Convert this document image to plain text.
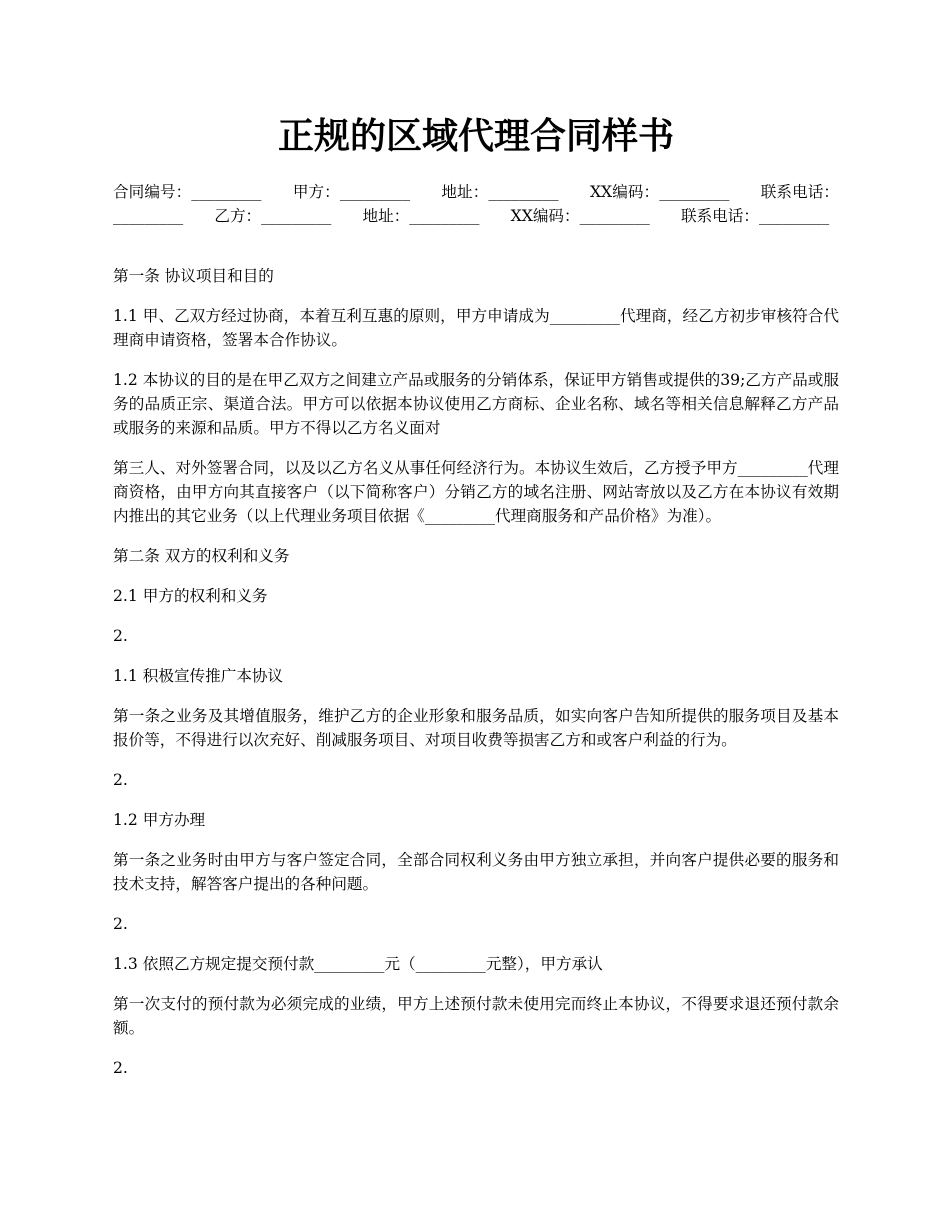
正规的区域代理合同样书
合同编号：_________　　甲方：_________　　地址：_________　　XX编码：_________　　联系电话：_________　　乙方：_________　　地址：_________　　XX编码：_________　　联系电话：_________

第一条 协议项目和目的

1.1 甲、乙双方经过协商，本着互利互惠的原则，甲方申请成为_________代理商，经乙方初步审核符合代理商申请资格，签署本合作协议。

1.2 本协议的目的是在甲乙双方之间建立产品或服务的分销体系，保证甲方销售或提供的39;乙方产品或服务的品质正宗、渠道合法。甲方可以依据本协议使用乙方商标、企业名称、域名等相关信息解释乙方产品或服务的来源和品质。甲方不得以乙方名义面对

第三人、对外签署合同，以及以乙方名义从事任何经济行为。本协议生效后，乙方授予甲方_________代理商资格，由甲方向其直接客户（以下简称客户）分销乙方的域名注册、网站寄放以及乙方在本协议有效期内推出的其它业务（以上代理业务项目依据《_________代理商服务和产品价格》为准）。

第二条 双方的权利和义务

2.1 甲方的权利和义务

2.

1.1 积极宣传推广本协议

第一条之业务及其增值服务，维护乙方的企业形象和服务品质，如实向客户告知所提供的服务项目及基本报价等，不得进行以次充好、削减服务项目、对项目收费等损害乙方和或客户利益的行为。

2.

1.2 甲方办理

第一条之业务时由甲方与客户签定合同，全部合同权利义务由甲方独立承担，并向客户提供必要的服务和技术支持，解答客户提出的各种问题。

2.

1.3 依照乙方规定提交预付款_________元（_________元整），甲方承认

第一次支付的预付款为必须完成的业绩，甲方上述预付款未使用完而终止本协议，不得要求退还预付款余额。

2.
